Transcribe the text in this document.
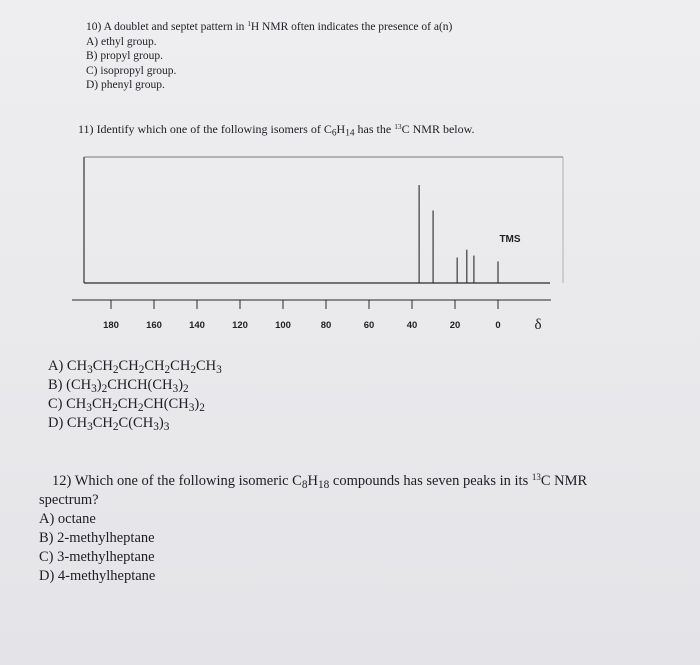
10) A doublet and septet pattern in $^1$H NMR often indicates the presence of a(n)
A) ethyl group.
B) propyl group.
C) isopropyl group.
D) phenyl group.
11) Identify which one of the following isomers of $C_6H_{14}$ has the $^{13}$C NMR below.
180	160	140	120	100	80	60	40	20	0
TMS
δ
A) $CH_3CH_2CH_2CH_2CH_2CH_3$
B) $(CH_3)_2CHCH(CH_3)_2$
C) $CH_3CH_2CH_2CH(CH_3)_2$
D) $CH_3CH_2C(CH_3)_3$
12) Which one of the following isomeric $C_8H_{18}$ compounds has seven peaks in its $^{13}$C NMR
spectrum?
A) octane
B) 2-methylheptane
C) 3-methylheptane
D) 4-methylheptane
